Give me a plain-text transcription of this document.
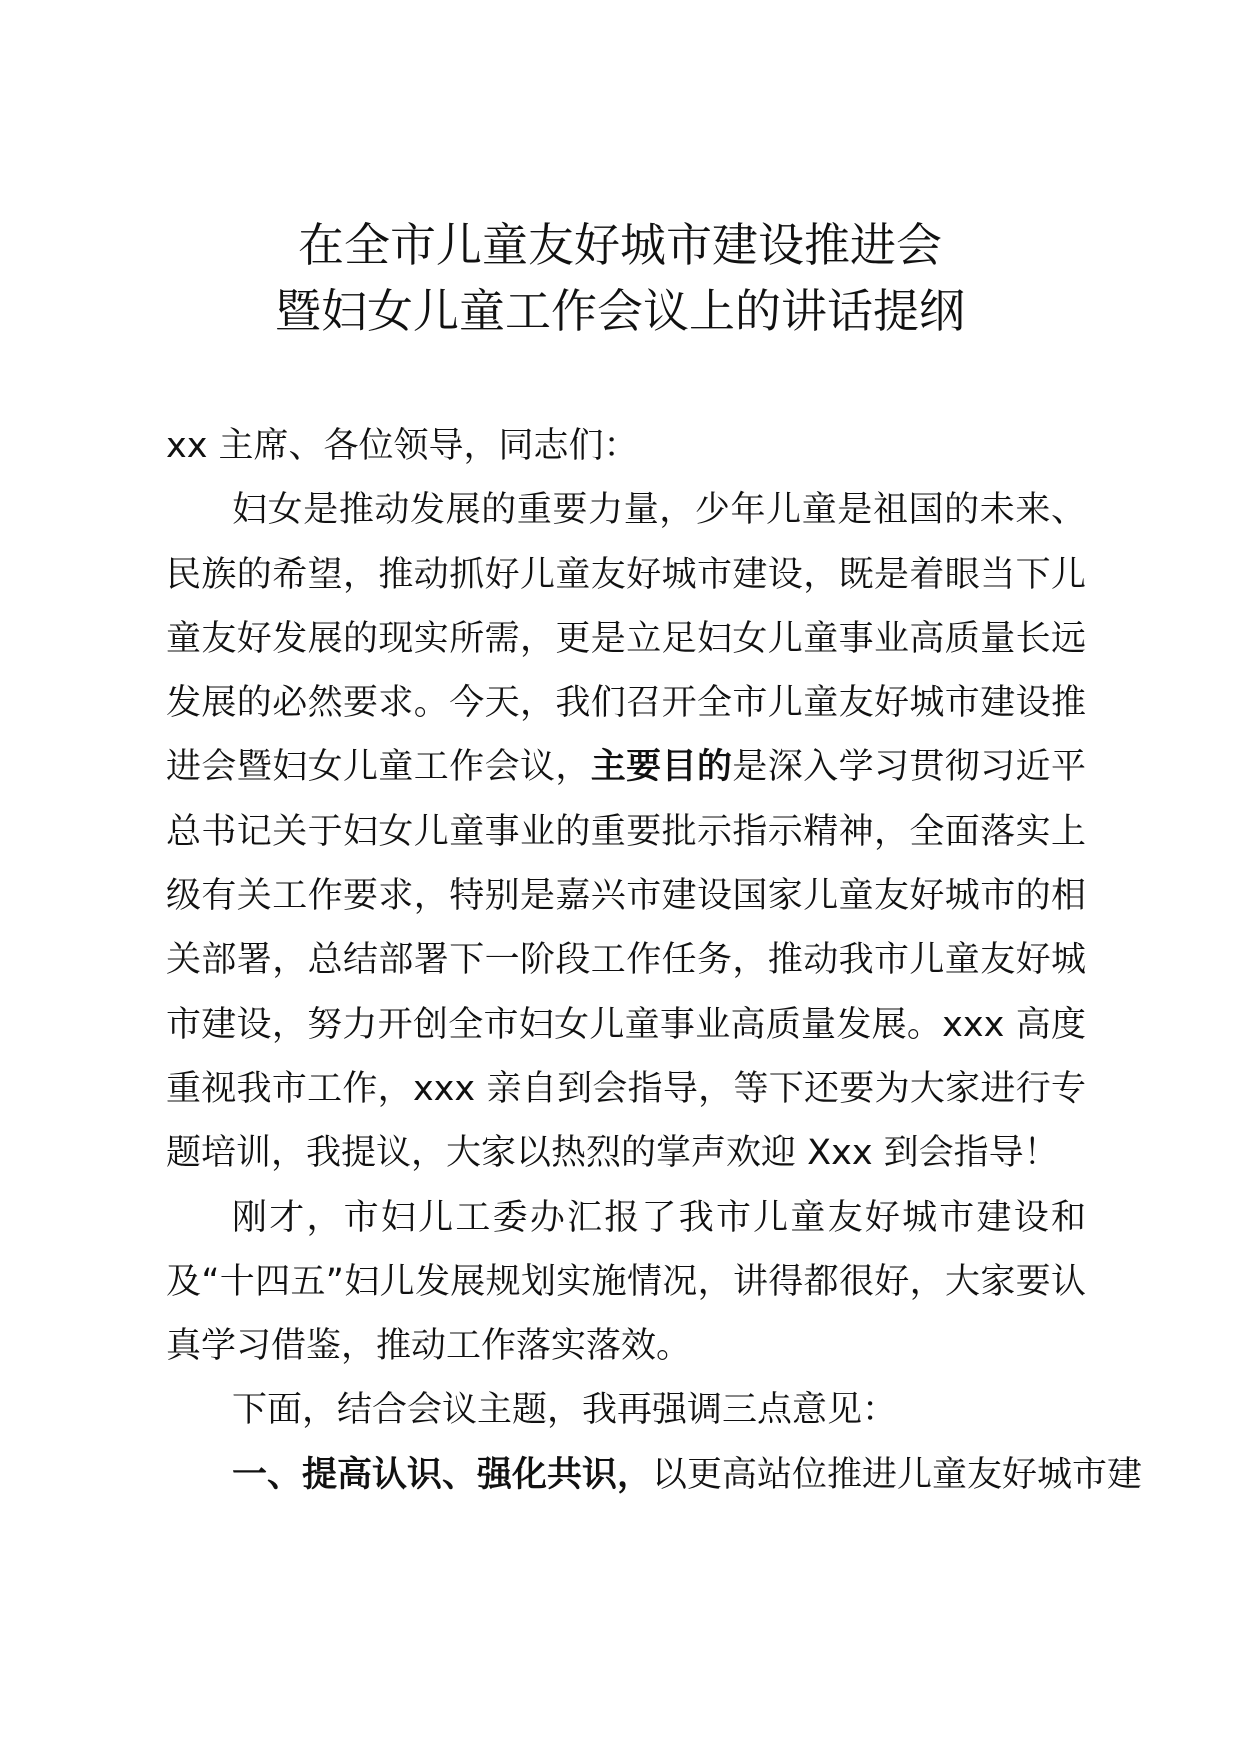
在全市儿童友好城市建设推进会
暨妇女儿童工作会议上的讲话提纲

xx 主席、各位领导，同志们：

妇女是推动发展的重要力量，少年儿童是祖国的未来、民族的希望，推动抓好儿童友好城市建设，既是着眼当下儿童友好发展的现实所需，更是立足妇女儿童事业高质量长远发展的必然要求。今天，我们召开全市儿童友好城市建设推进会暨妇女儿童工作会议，主要目的是深入学习贯彻习近平总书记关于妇女儿童事业的重要批示指示精神，全面落实上级有关工作要求，特别是嘉兴市建设国家儿童友好城市的相关部署，总结部署下一阶段工作任务，推动我市儿童友好城市建设，努力开创全市妇女儿童事业高质量发展。xxx 高度重视我市工作，xxx 亲自到会指导，等下还要为大家进行专题培训，我提议，大家以热烈的掌声欢迎 Xxx 到会指导！

刚才，市妇儿工委办汇报了我市儿童友好城市建设和及“十四五”妇儿发展规划实施情况，讲得都很好，大家要认真学习借鉴，推动工作落实落效。

下面，结合会议主题，我再强调三点意见：

一、提高认识、强化共识，以更高站位推进儿童友好城市建
